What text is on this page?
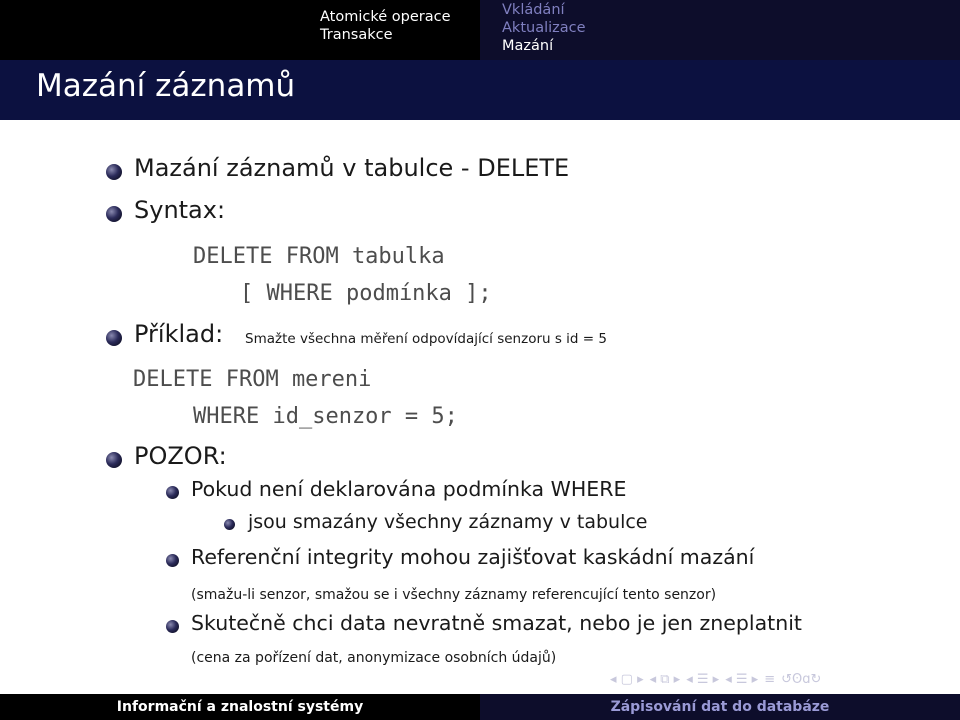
Atomické operace
Transakce
Vkládání
Aktualizace
Mazání
Mazání záznamů
Mazání záznamů v tabulce - DELETE
Syntax:
DELETE FROM tabulka
[ WHERE podmínka ];
Příklad: Smažte všechna měření odpovídající senzoru s id = 5
DELETE FROM mereni
WHERE id_senzor = 5;
POZOR:
Pokud není deklarována podmínka WHERE
jsou smazány všechny záznamy v tabulce
Referenční integrity mohou zajišťovat kaskádní mazání
(smažu-li senzor, smažou se i všechny záznamy referencující tento senzor)
Skutečně chci data nevratně smazat, nebo je jen zneplatnit
(cena za pořízení dat, anonymizace osobních údajů)
◂ ▢ ▸ ◂ ⧉ ▸ ◂ ☰ ▸ ◂ ☰ ▸ ≡ ↺ʘɑ↻
Informační a znalostní systémy	Zápisování dat do databáze
